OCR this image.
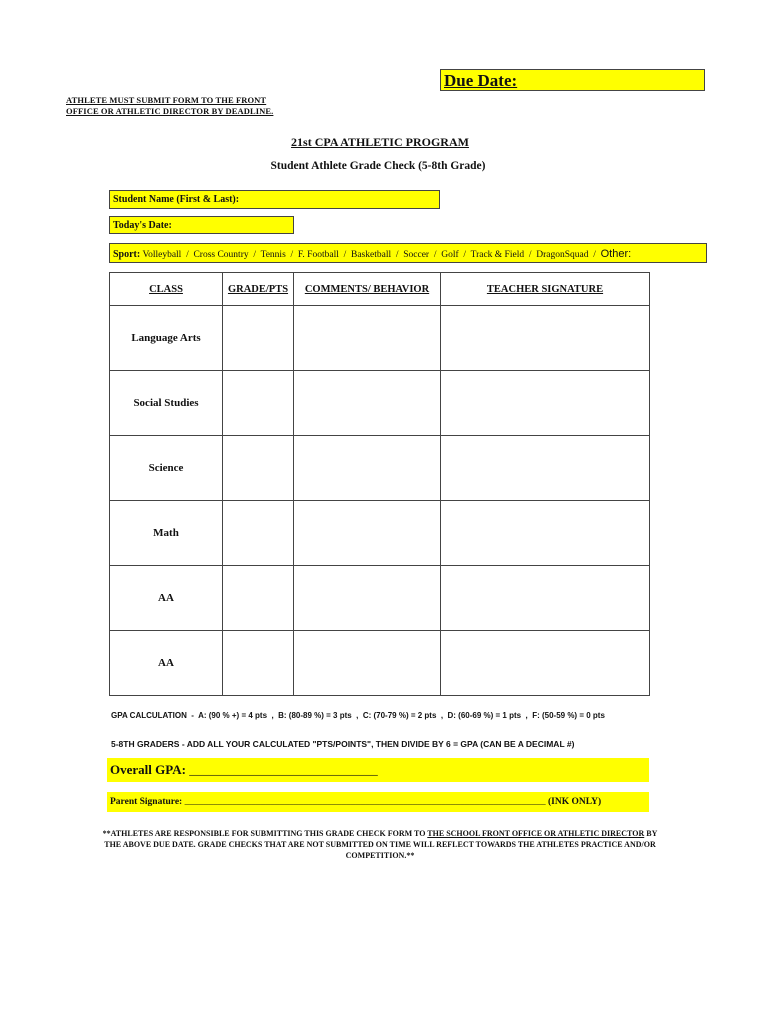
Due Date:
ATHLETE MUST SUBMIT FORM TO THE FRONT
OFFICE OR ATHLETIC DIRECTOR BY DEADLINE.
21st CPA ATHLETIC PROGRAM
Student Athlete Grade Check (5-8th Grade)
Student Name (First & Last):
Today's Date:
Sport: Volleyball  /  Cross Country  /  Tennis  /  F. Football  /  Basketball  /  Soccer  /  Golf  /  Track & Field  /  DragonSquad  /  Other:
CLASS	GRADE/PTS	COMMENTS/ BEHAVIOR	TEACHER SIGNATURE
Language Arts			
Social Studies			
Science			
Math			
AA			
AA			
GPA CALCULATION  -  A: (90 % +) = 4 pts  ,  B: (80-89 %) = 3 pts  ,  C: (70-79 %) = 2 pts  ,  D: (60-69 %) = 1 pts  ,  F: (50-59 %) = 0 pts
5-8TH GRADERS - ADD ALL YOUR CALCULATED "PTS/POINTS", THEN DIVIDE BY 6 = GPA (CAN BE A DECIMAL #)
Overall GPA: _____________________________
Parent Signature: ____________________________________________________________________________ (INK ONLY)
**ATHLETES ARE RESPONSIBLE FOR SUBMITTING THIS GRADE CHECK FORM TO THE SCHOOL FRONT OFFICE OR ATHLETIC DIRECTOR BY THE ABOVE DUE DATE. GRADE CHECKS THAT ARE NOT SUBMITTED ON TIME WILL REFLECT TOWARDS THE ATHLETES PRACTICE AND/OR COMPETITION.**
